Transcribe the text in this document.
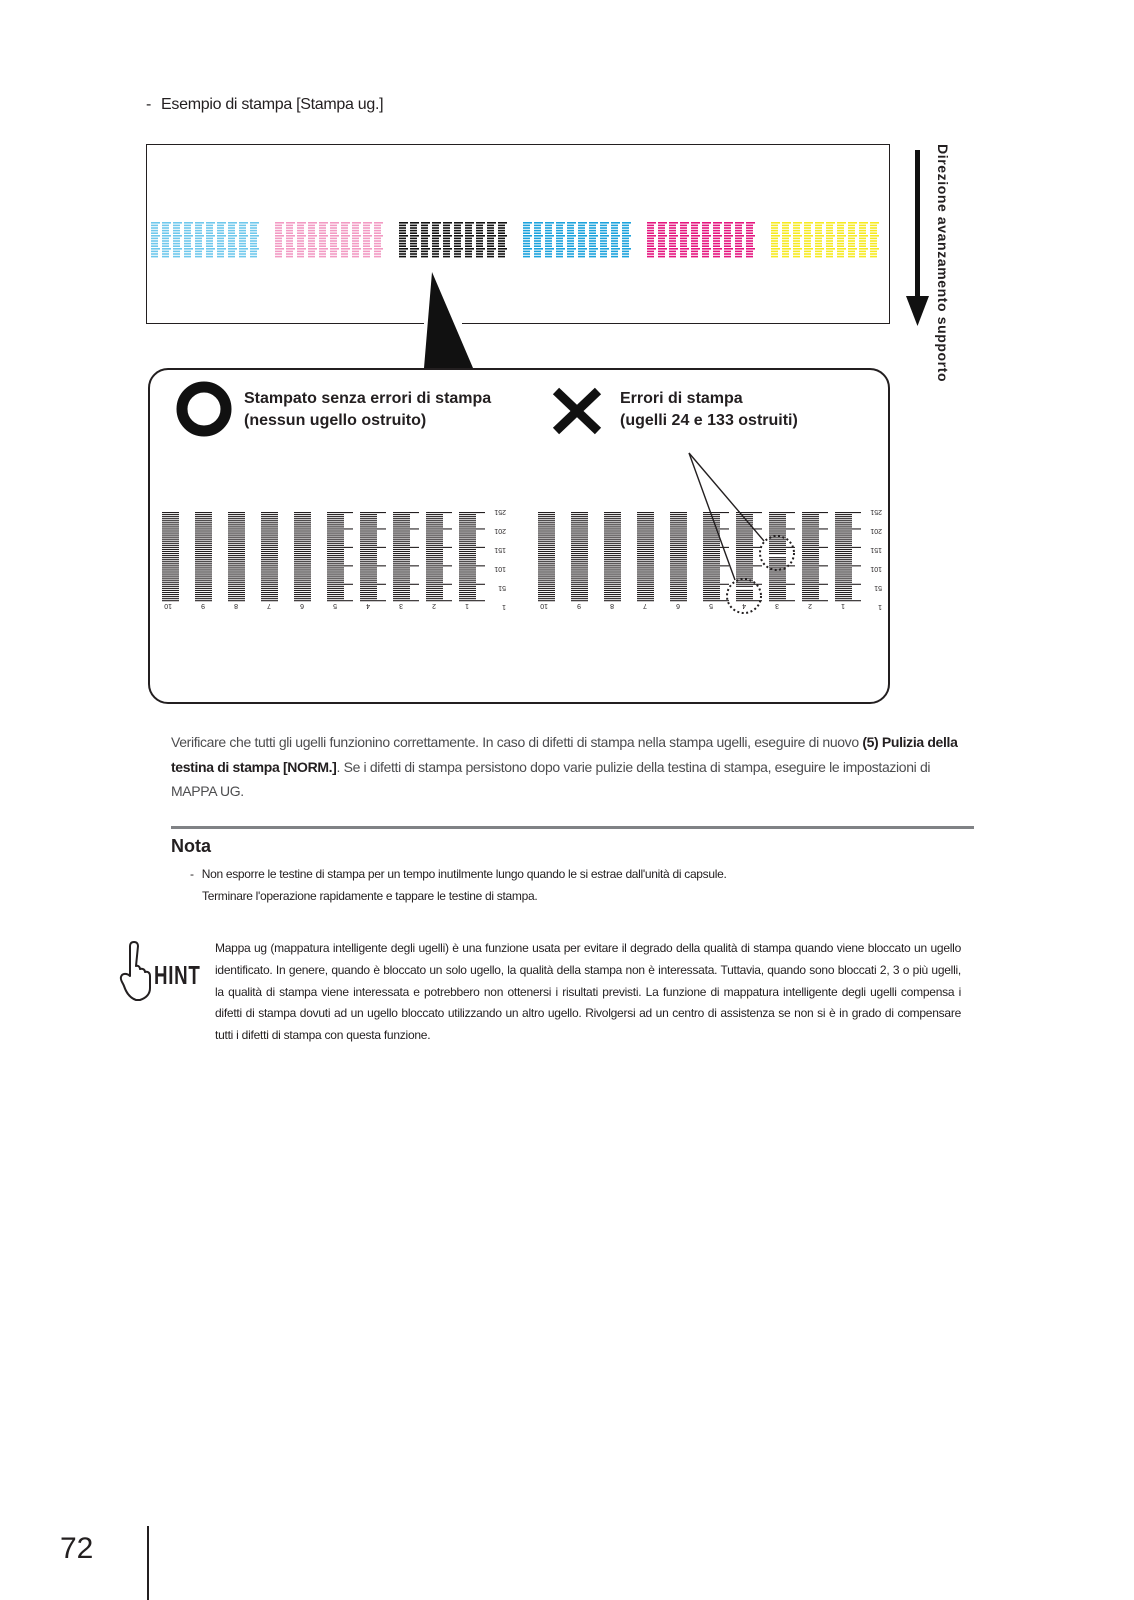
- Esempio di stampa [Stampa ug.]
Direzione avanzamento supporto
251
201
151
101
51
1
10	9	8	7	6	5	4	3	2	1
251
201
151
101
51
1
10	9	8	7	6	5	4	3	2	1
Stampato senza errori di stampa
(nessun ugello ostruito)
Errori di stampa
(ugelli 24 e 133 ostruiti)
Verificare che tutti gli ugelli funzionino correttamente. In caso di difetti di stampa nella stampa ugelli, eseguire di nuovo (5) Pulizia della testina di stampa [NORM.]. Se i difetti di stampa persistono dopo varie pulizie della testina di stampa, eseguire le impostazioni di MAPPA UG.
Nota
- Non esporre le testine di stampa per un tempo inutilmente lungo quando le si estrae dall'unità di capsule.
Terminare l'operazione rapidamente e tappare le testine di stampa.
HINT
Mappa ug (mappatura intelligente degli ugelli) è una funzione usata per evitare il degrado della qualità di stampa quando viene bloccato un ugello identificato. In genere, quando è bloccato un solo ugello, la qualità della stampa non è interessata. Tuttavia, quando sono bloccati 2, 3 o più ugelli, la qualità di stampa viene interessata e potrebbero non ottenersi i risultati previsti. La funzione di mappatura intelligente degli ugelli compensa i difetti di stampa dovuti ad un ugello bloccato utilizzando un altro ugello. Rivolgersi ad un centro di assistenza se non si è in grado di compensare tutti i difetti di stampa con questa funzione.
72
